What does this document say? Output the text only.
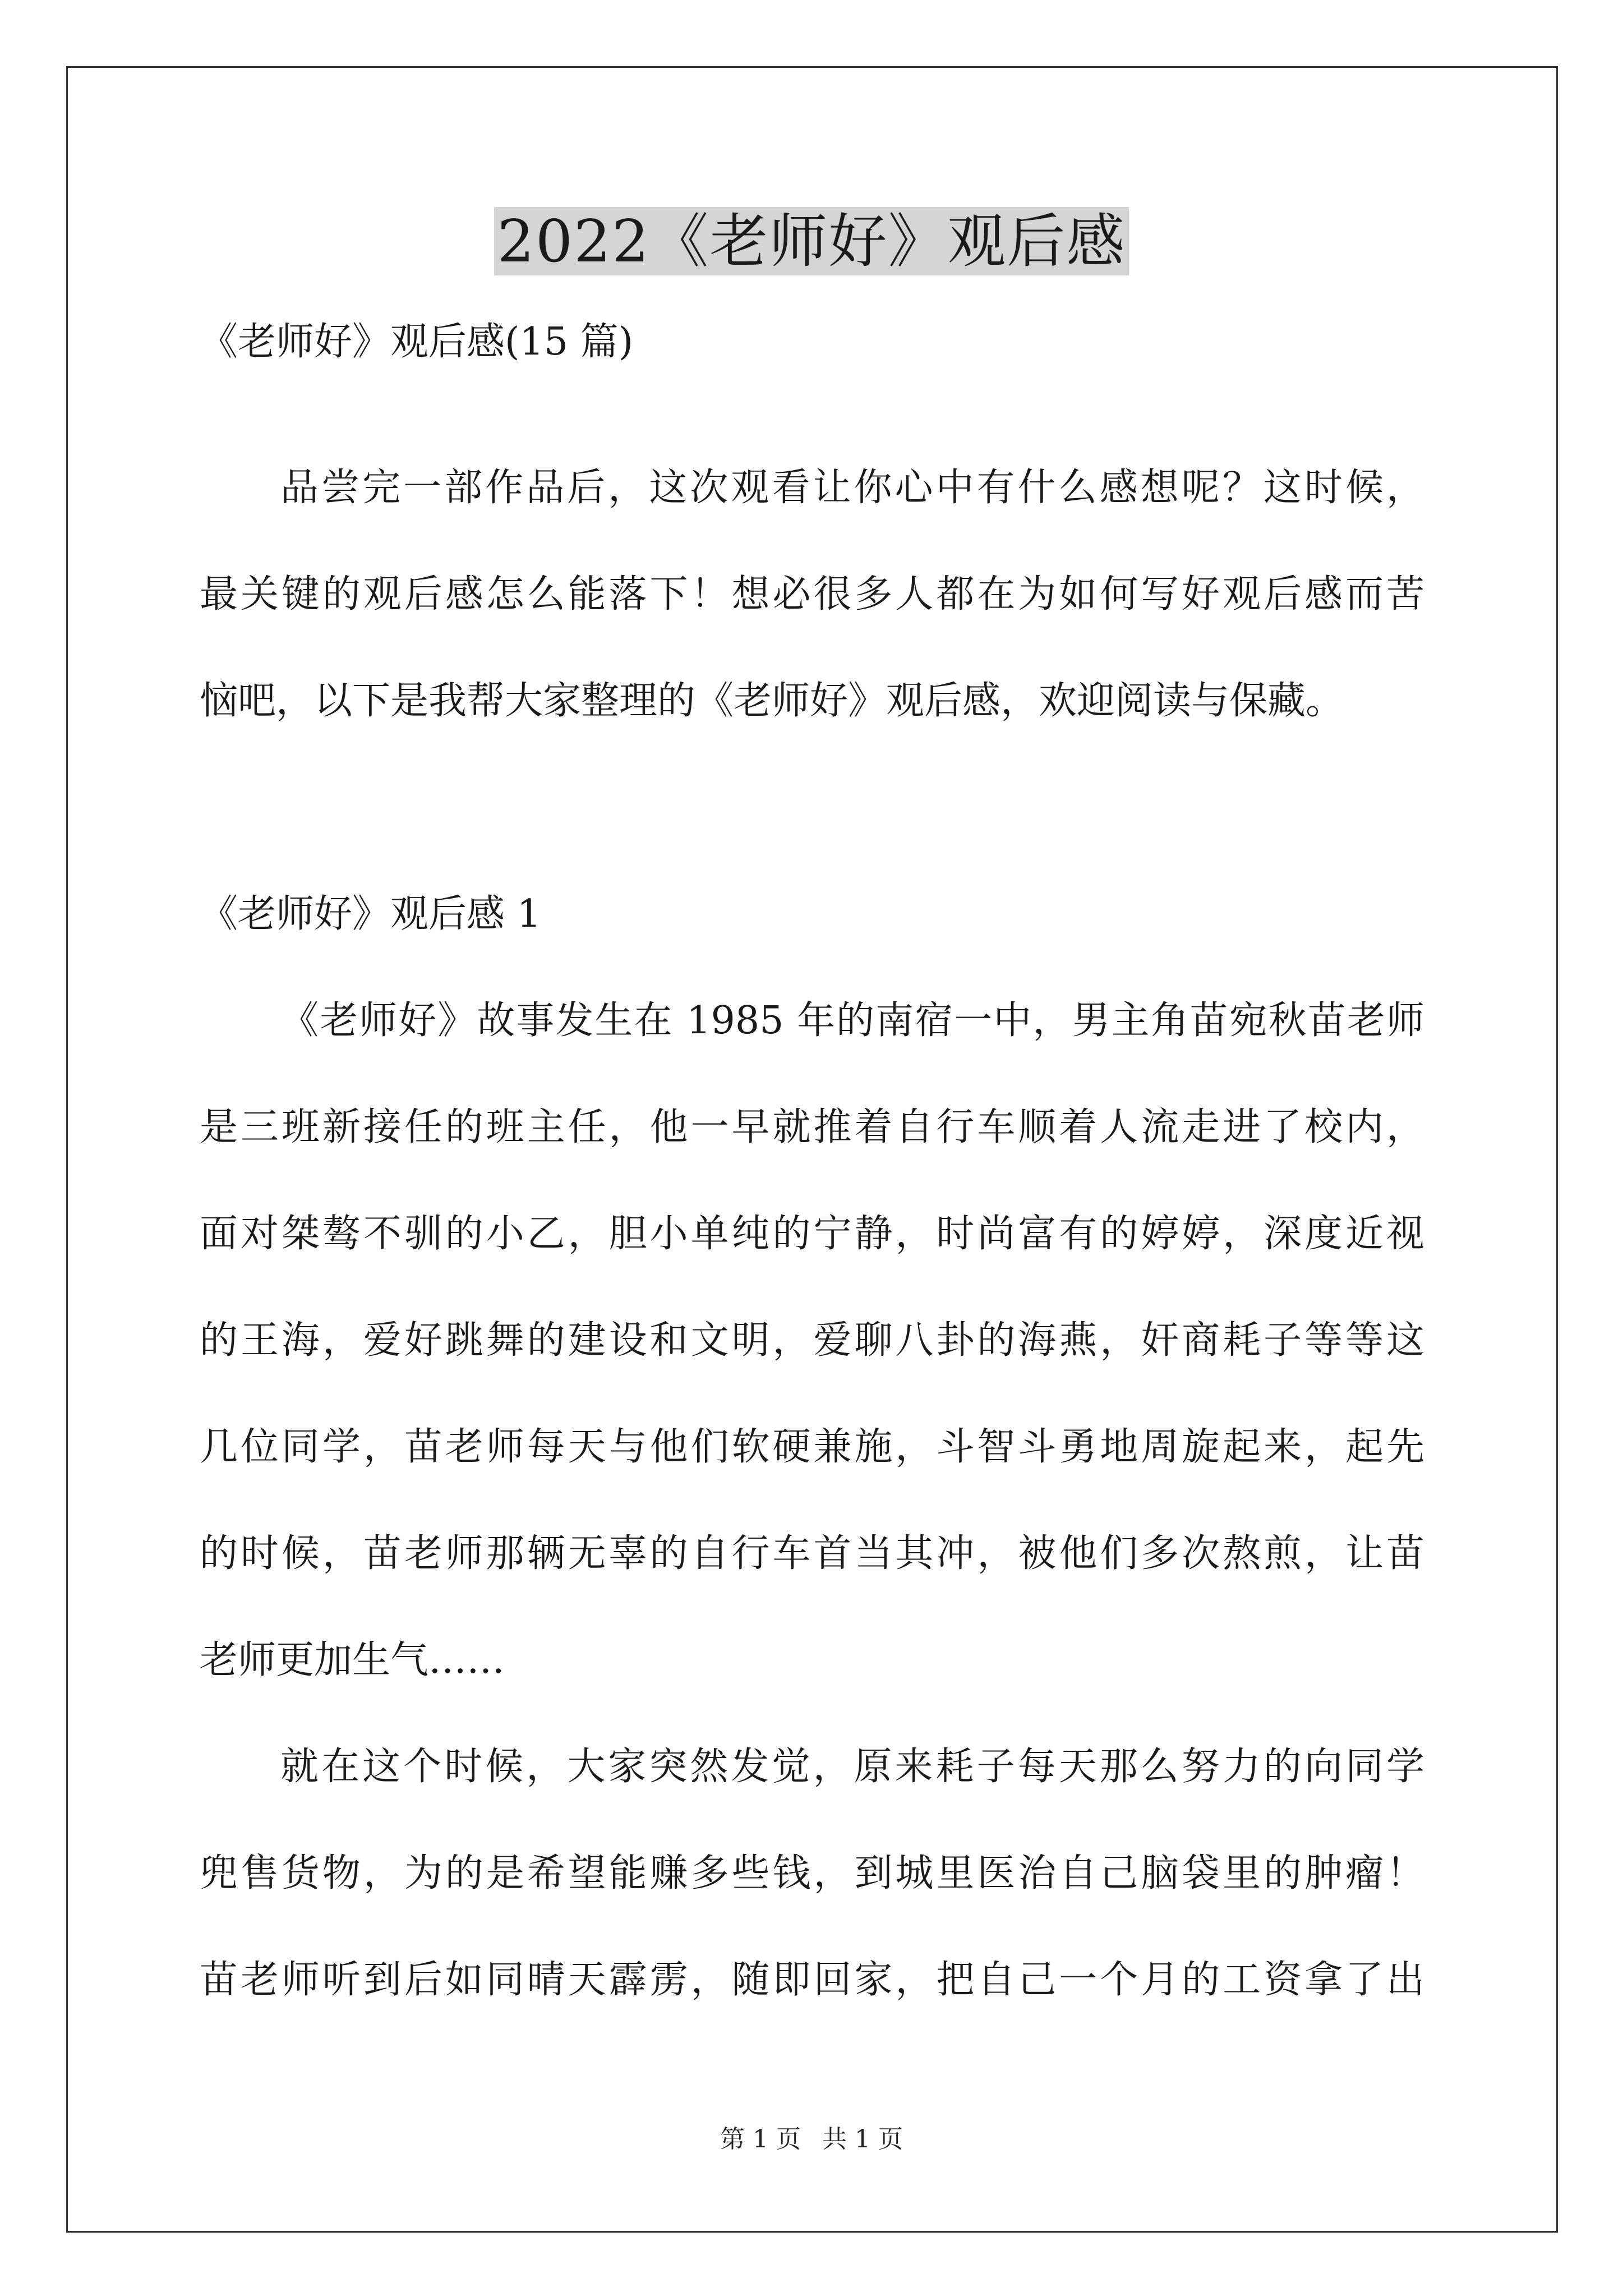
2022《老师好》观后感
《老师好》观后感(15 篇)
品尝完一部作品后，这次观看让你心中有什么感想呢？这时候，
最关键的观后感怎么能落下！想必很多人都在为如何写好观后感而苦
恼吧，以下是我帮大家整理的《老师好》观后感，欢迎阅读与保藏。
《老师好》观后感 1
《老师好》故事发生在 1985 年的南宿一中，男主角苗宛秋苗老师
是三班新接任的班主任，他一早就推着自行车顺着人流走进了校内，
面对桀骜不驯的小乙，胆小单纯的宁静，时尚富有的婷婷，深度近视
的王海，爱好跳舞的建设和文明，爱聊八卦的海燕，奸商耗子等等这
几位同学，苗老师每天与他们软硬兼施，斗智斗勇地周旋起来，起先
的时候，苗老师那辆无辜的自行车首当其冲，被他们多次熬煎，让苗
老师更加生气……
就在这个时候，大家突然发觉，原来耗子每天那么努力的向同学
兜售货物，为的是希望能赚多些钱，到城里医治自己脑袋里的肿瘤！
苗老师听到后如同晴天霹雳，随即回家，把自己一个月的工资拿了出
第 1 页 共 1 页
